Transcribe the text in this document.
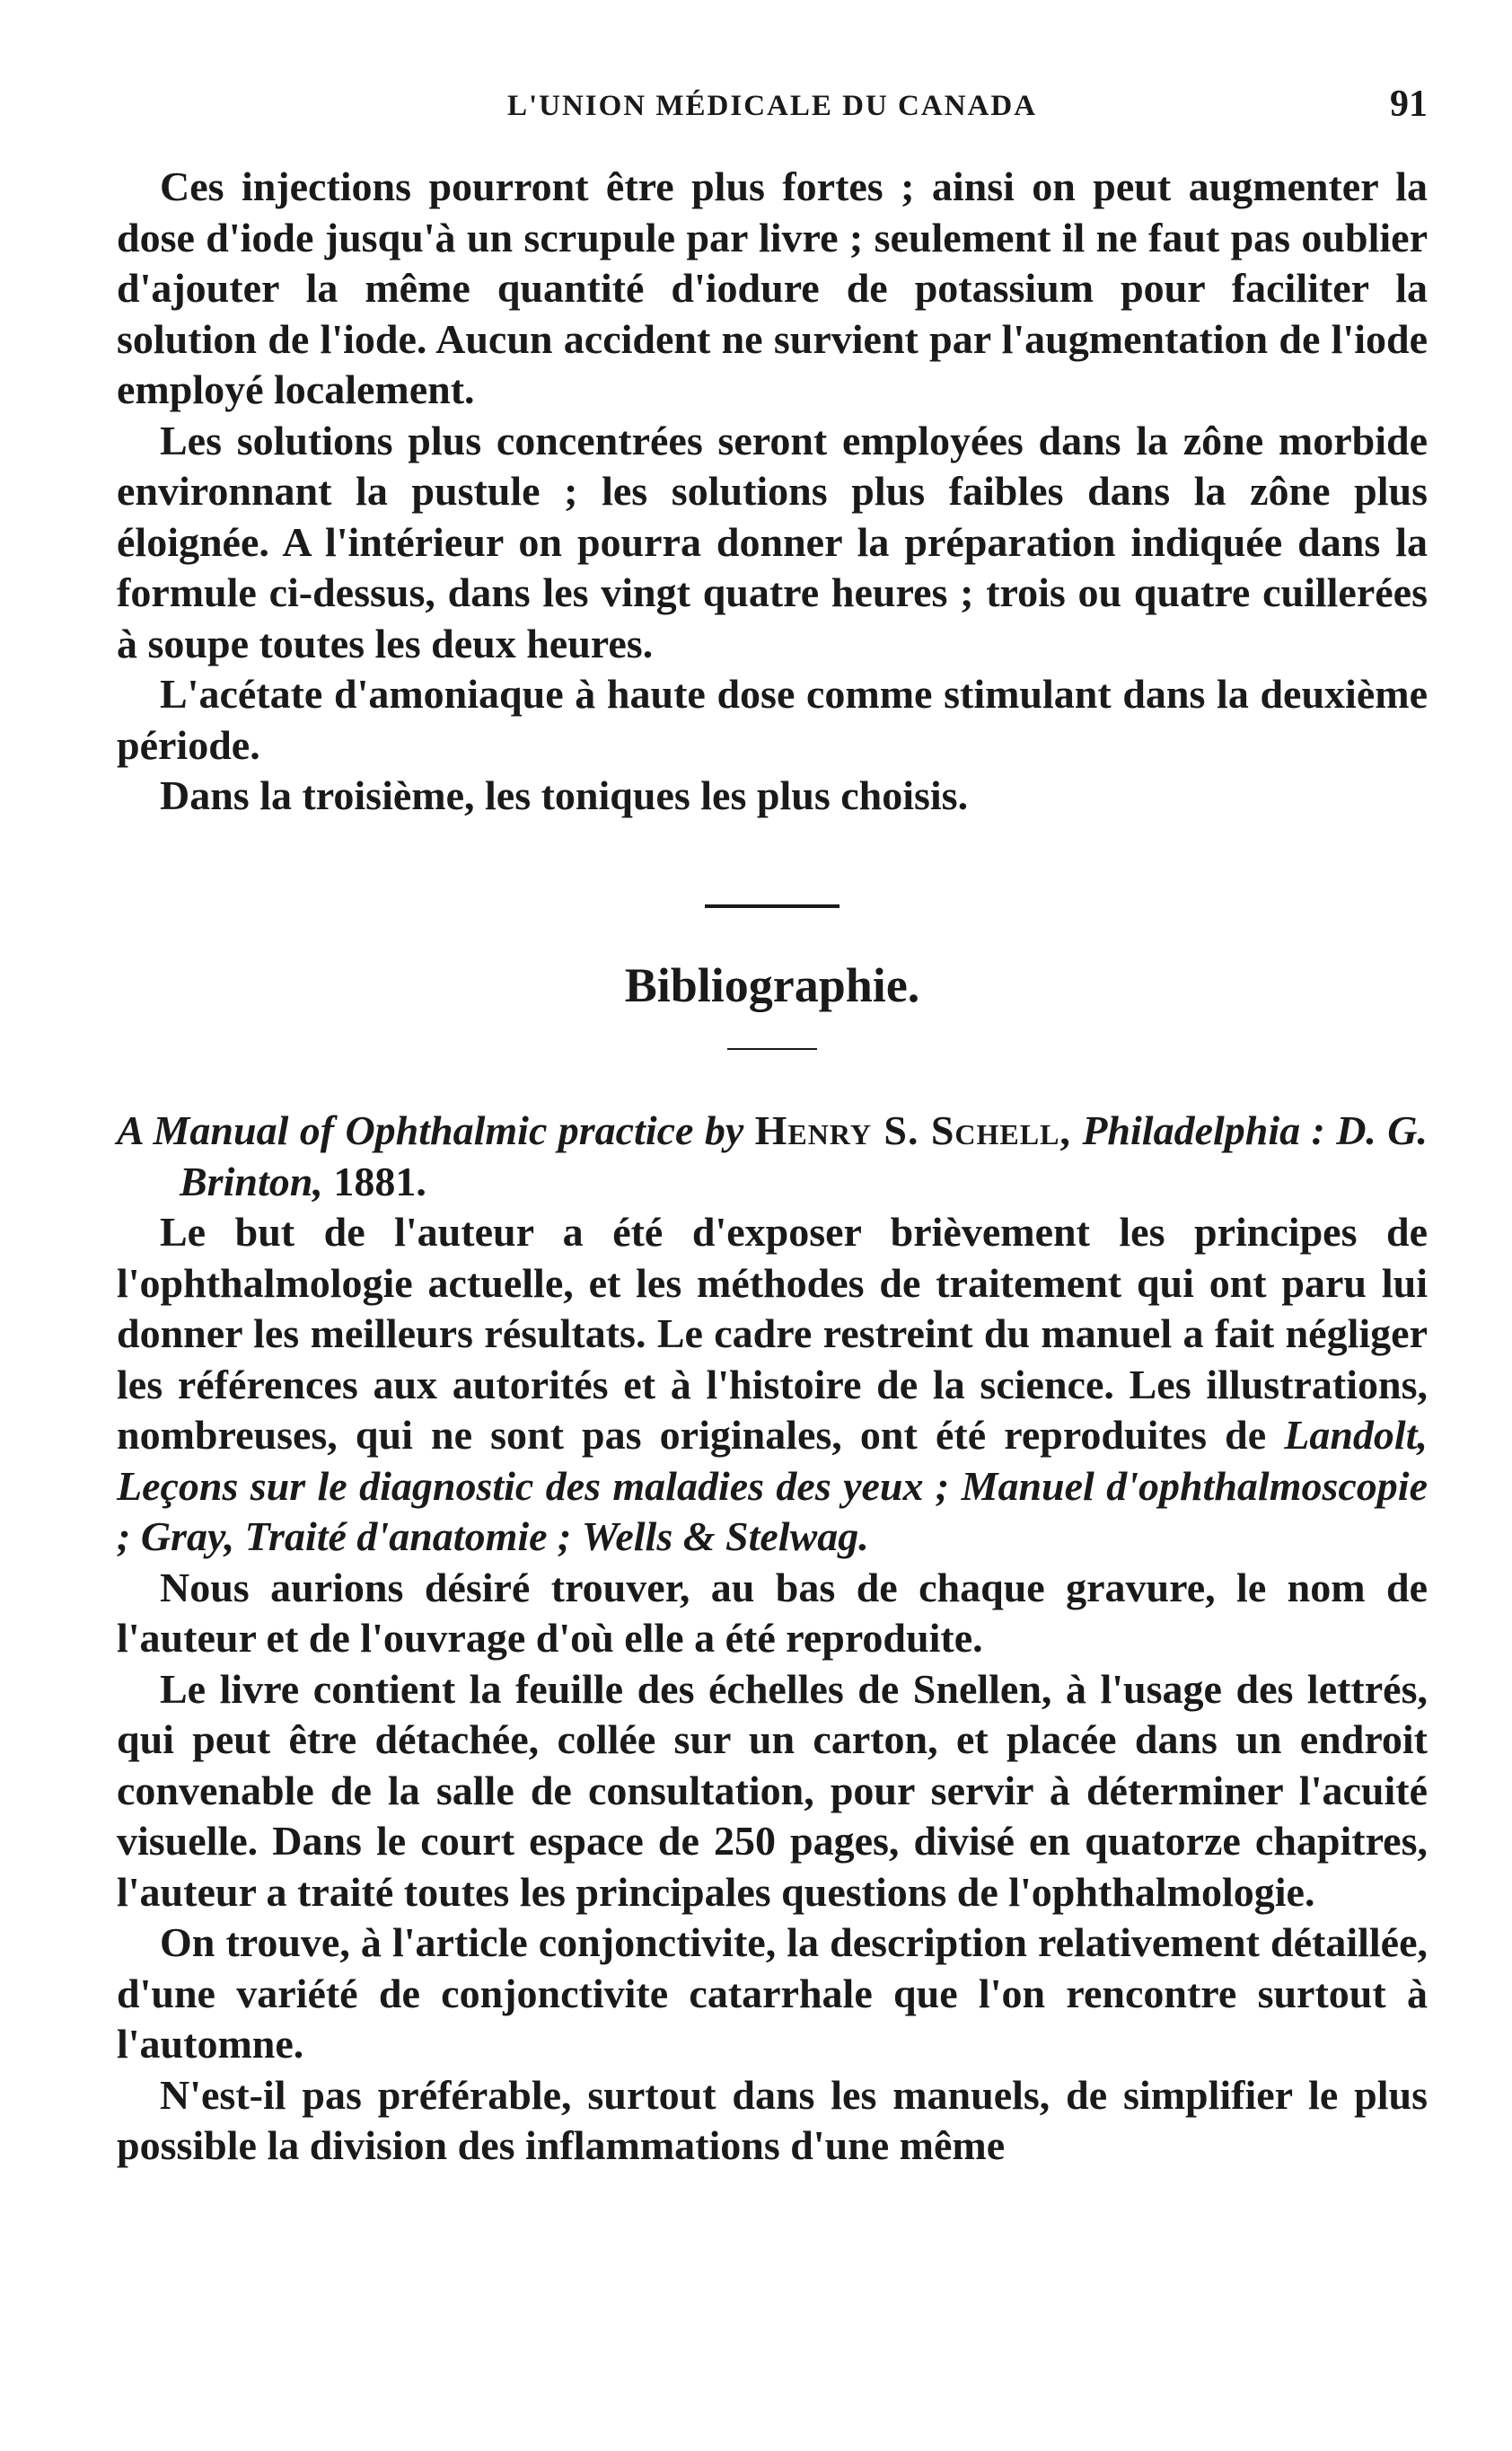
L'UNION MÉDICALE DU CANADA	91

Ces injections pourront être plus fortes ; ainsi on peut augmenter la dose d'iode jusqu'à un scrupule par livre ; seulement il ne faut pas oublier d'ajouter la même quantité d'iodure de potassium pour faciliter la solution de l'iode. Aucun accident ne survient par l'augmentation de l'iode employé localement.

Les solutions plus concentrées seront employées dans la zône morbide environnant la pustule ; les solutions plus faibles dans la zône plus éloignée. A l'intérieur on pourra donner la préparation indiquée dans la formule ci-dessus, dans les vingt quatre heures ; trois ou quatre cuillerées à soupe toutes les deux heures.

L'acétate d'amoniaque à haute dose comme stimulant dans la deuxième période.

Dans la troisième, les toniques les plus choisis.

Bibliographie.

A Manual of Ophthalmic practice by Henry S. Schell, Philadelphia : D. G. Brinton, 1881.

Le but de l'auteur a été d'exposer brièvement les principes de l'ophthalmologie actuelle, et les méthodes de traitement qui ont paru lui donner les meilleurs résultats. Le cadre restreint du manuel a fait négliger les références aux autorités et à l'histoire de la science. Les illustrations, nombreuses, qui ne sont pas originales, ont été reproduites de Landolt, Leçons sur le diagnostic des maladies des yeux ; Manuel d'ophthalmoscopie ; Gray, Traité d'anatomie ; Wells & Stelwag.

Nous aurions désiré trouver, au bas de chaque gravure, le nom de l'auteur et de l'ouvrage d'où elle a été reproduite.

Le livre contient la feuille des échelles de Snellen, à l'usage des lettrés, qui peut être détachée, collée sur un carton, et placée dans un endroit convenable de la salle de consultation, pour servir à déterminer l'acuité visuelle. Dans le court espace de 250 pages, divisé en quatorze chapitres, l'auteur a traité toutes les principales questions de l'ophthalmologie.

On trouve, à l'article conjonctivite, la description relativement détaillée, d'une variété de conjonctivite catarrhale que l'on rencontre surtout à l'automne.

N'est-il pas préférable, surtout dans les manuels, de simplifier le plus possible la division des inflammations d'une même
